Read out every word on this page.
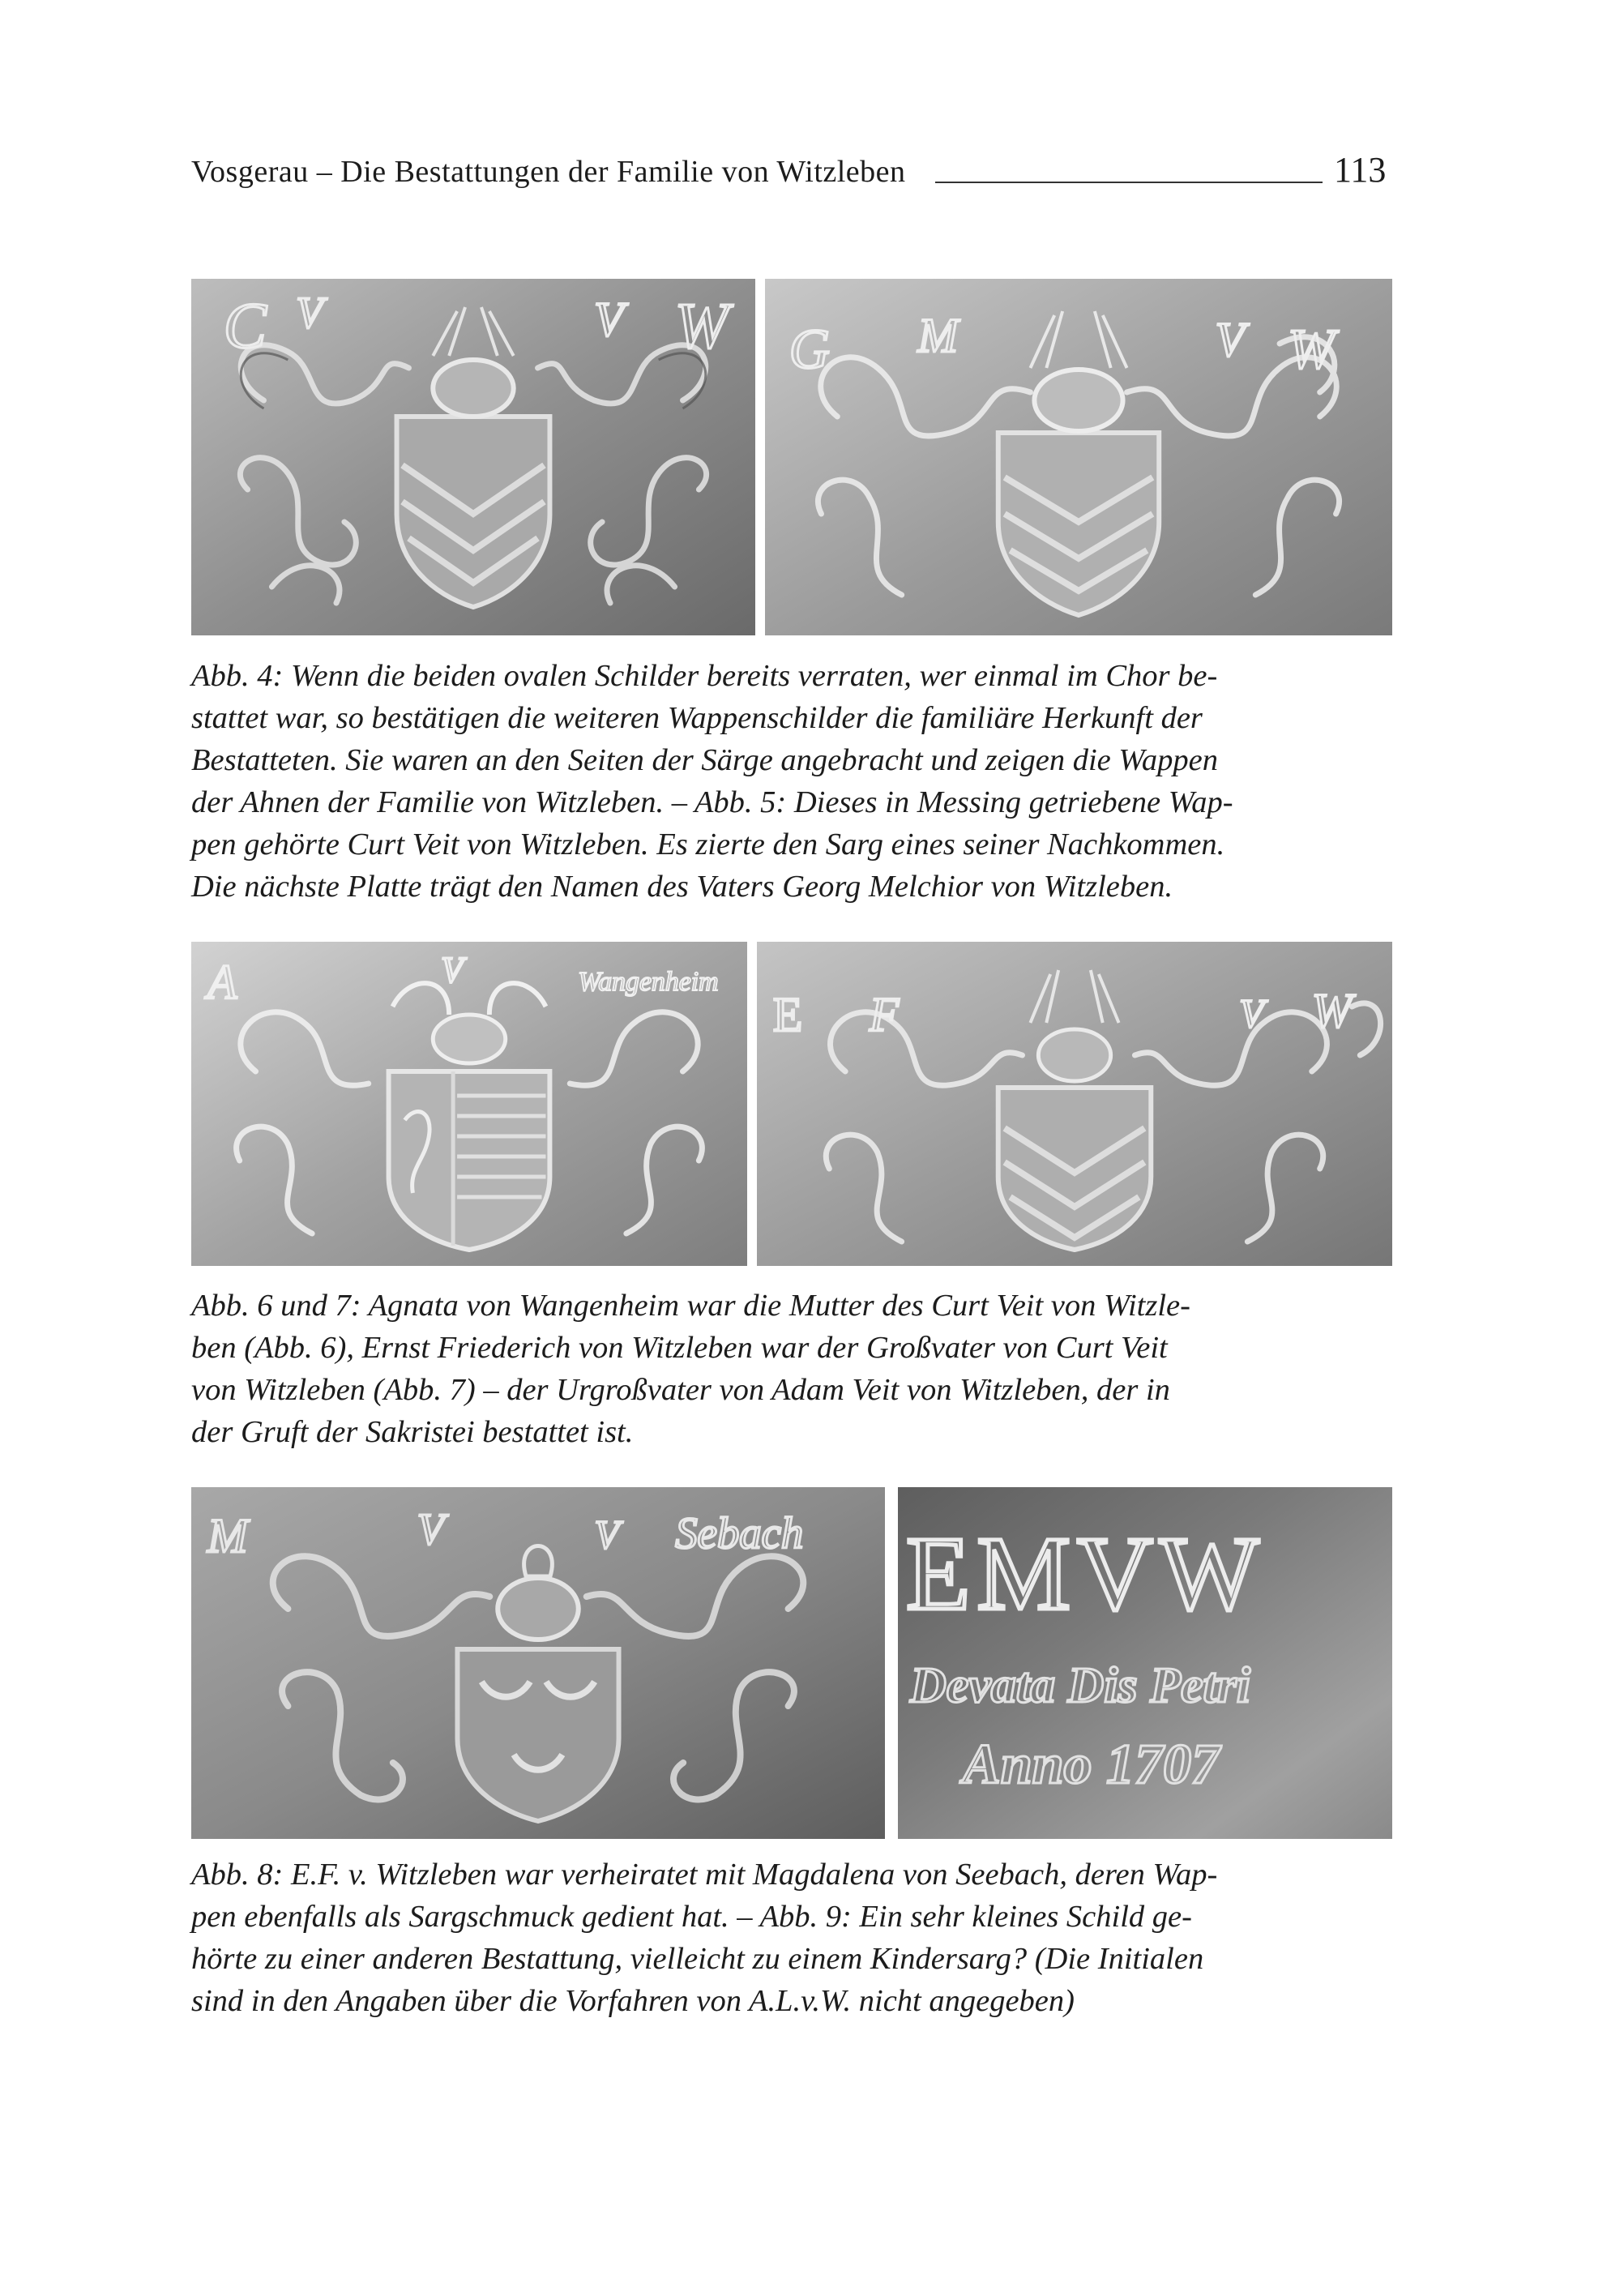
Vosgerau – Die Bestattungen der Familie von Witzleben	113
C V	V W G M	V W

Abb. 4: Wenn die beiden ovalen Schilder bereits verraten, wer einmal im Chor be-
stattet war, so bestätigen die weiteren Wappenschilder die familiäre Herkunft der
Bestatteten. Sie waren an den Seiten der Särge angebracht und zeigen die Wappen
der Ahnen der Familie von Witzleben. – Abb. 5: Dieses in Messing getriebene Wap-
pen gehörte Curt Veit von Witzleben. Es zierte den Sarg eines seiner Nachkommen.
Die nächste Platte trägt den Namen des Vaters Georg Melchior von Witzleben.

A	V	Wangenheim
E F	V W

Abb. 6 und 7: Agnata von Wangenheim war die Mutter des Curt Veit von Witzle-
ben (Abb. 6), Ernst Friederich von Witzleben war der Großvater von Curt Veit
von Witzleben (Abb. 7) – der Urgroßvater von Adam Veit von Witzleben, der in
der Gruft der Sakristei bestattet ist.

M	V	V Sebach EMVW
Devata Dis Petri
Anno 1707

Abb. 8: E.F. v. Witzleben war verheiratet mit Magdalena von Seebach, deren Wap-
pen ebenfalls als Sargschmuck gedient hat. – Abb. 9: Ein sehr kleines Schild ge-
hörte zu einer anderen Bestattung, vielleicht zu einem Kindersarg? (Die Initialen
sind in den Angaben über die Vorfahren von A.L.v.W. nicht angegeben)
